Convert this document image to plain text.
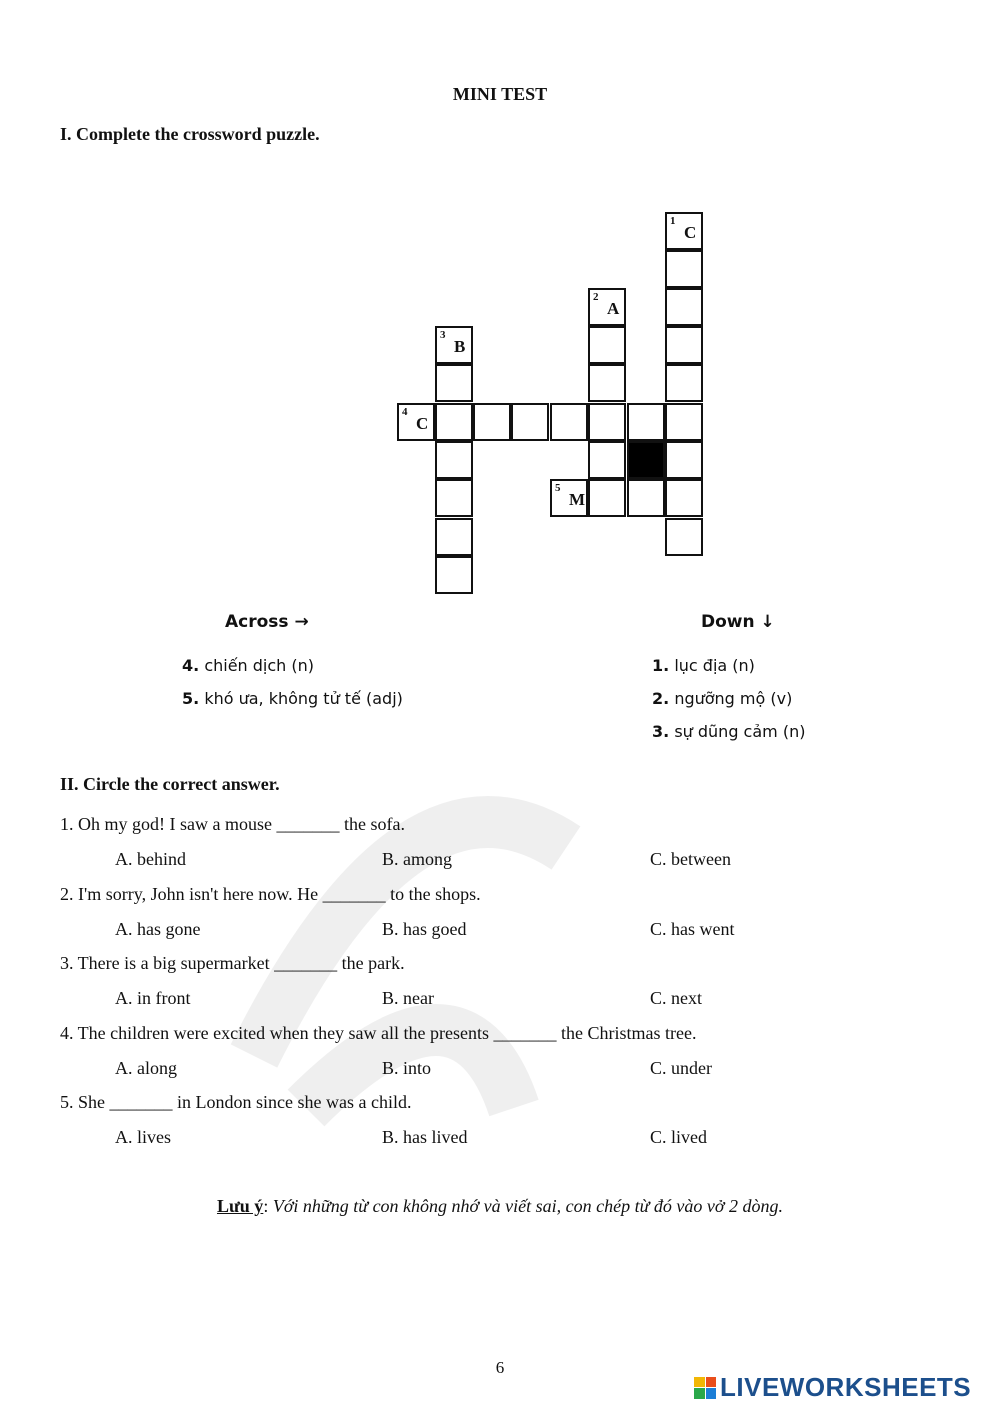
MINI TEST
I. Complete the crossword puzzle.
1
C
2
A
3
B
4
C
5
M
Across →	Down ↓
4. chiến dịch (n)
5. khó ưa, không tử tế (adj)
1. lục địa (n)
2. ngưỡng mộ (v)
3. sự dũng cảm (n)
II. Circle the correct answer.
1. Oh my god! I saw a mouse _______ the sofa.
A. behind	B. among	C. between
2. I'm sorry, John isn't here now. He _______ to the shops.
A. has gone	B. has goed	C. has went
3. There is a big supermarket _______ the park.
A. in front	B. near	C. next
4. The children were excited when they saw all the presents _______ the Christmas tree.
A. along	B. into	C. under
5. She _______ in London since she was a child.
A. lives	B. has lived	C. lived
Lưu ý: Với những từ con không nhớ và viết sai, con chép từ đó vào vở 2 dòng.
6
LIVEWORKSHEETS
